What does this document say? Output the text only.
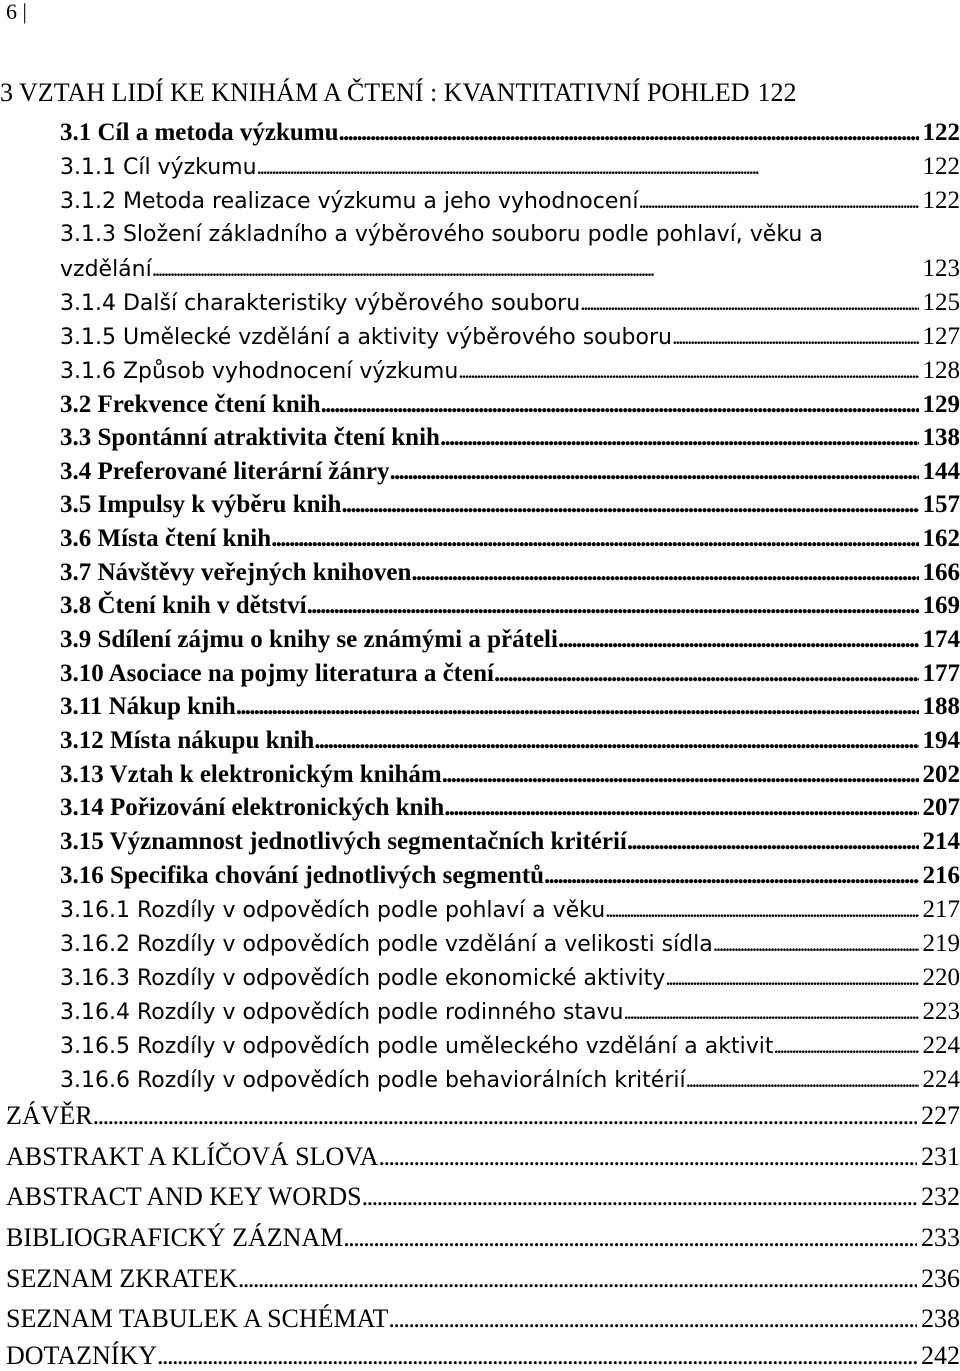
6 |
3 VZTAH LIDÍ KE KNIHÁM A ČTENÍ : KVANTITATIVNÍ POHLED 122
3.1 Cíl a metoda výzkumu . . .	122
3.1.1 Cíl výzkumu . . .	122
3.1.2 Metoda realizace výzkumu a jeho vyhodnocení . . .	122
3.1.3 Složení základního a výběrového souboru podle pohlaví, věku a
vzdělání . . .	123
3.1.4 Další charakteristiky výběrového souboru . . .	125
3.1.5 Umělecké vzdělání a aktivity výběrového souboru . . .	127
3.1.6 Způsob vyhodnocení výzkumu . . .	128
3.2 Frekvence čtení knih . . .	129
3.3 Spontánní atraktivita čtení knih . . .	138
3.4 Preferované literární žánry . . .	144
3.5 Impulsy k výběru knih . . .	157
3.6 Místa čtení knih . . .	162
3.7 Návštěvy veřejných knihoven . . .	166
3.8 Čtení knih v dětství . . .	169
3.9 Sdílení zájmu o knihy se známými a přáteli . . .	174
3.10 Asociace na pojmy literatura a čtení . . .	177
3.11 Nákup knih . . .	188
3.12 Místa nákupu knih . . .	194
3.13 Vztah k elektronickým knihám . . .	202
3.14 Pořizování elektronických knih . . .	207
3.15 Významnost jednotlivých segmentačních kritérií . . .	214
3.16 Specifika chování jednotlivých segmentů . . .	216
3.16.1 Rozdíly v odpovědích podle pohlaví a věku . . .	217
3.16.2 Rozdíly v odpovědích podle vzdělání a velikosti sídla . . .	219
3.16.3 Rozdíly v odpovědích podle ekonomické aktivity . . .	220
3.16.4 Rozdíly v odpovědích podle rodinného stavu . . .	223
3.16.5 Rozdíly v odpovědích podle uměleckého vzdělání a aktivit . . .	224
3.16.6 Rozdíly v odpovědích podle behaviorálních kritérií . . .	224
ZÁVĚR . . .	227
ABSTRAKT A KLÍČOVÁ SLOVA . . .	231
ABSTRACT AND KEY WORDS . . .	232
BIBLIOGRAFICKÝ ZÁZNAM . . .	233
SEZNAM ZKRATEK . . .	236
SEZNAM TABULEK A SCHÉMAT . . .	238
DOTAZNÍKY . . .	242
